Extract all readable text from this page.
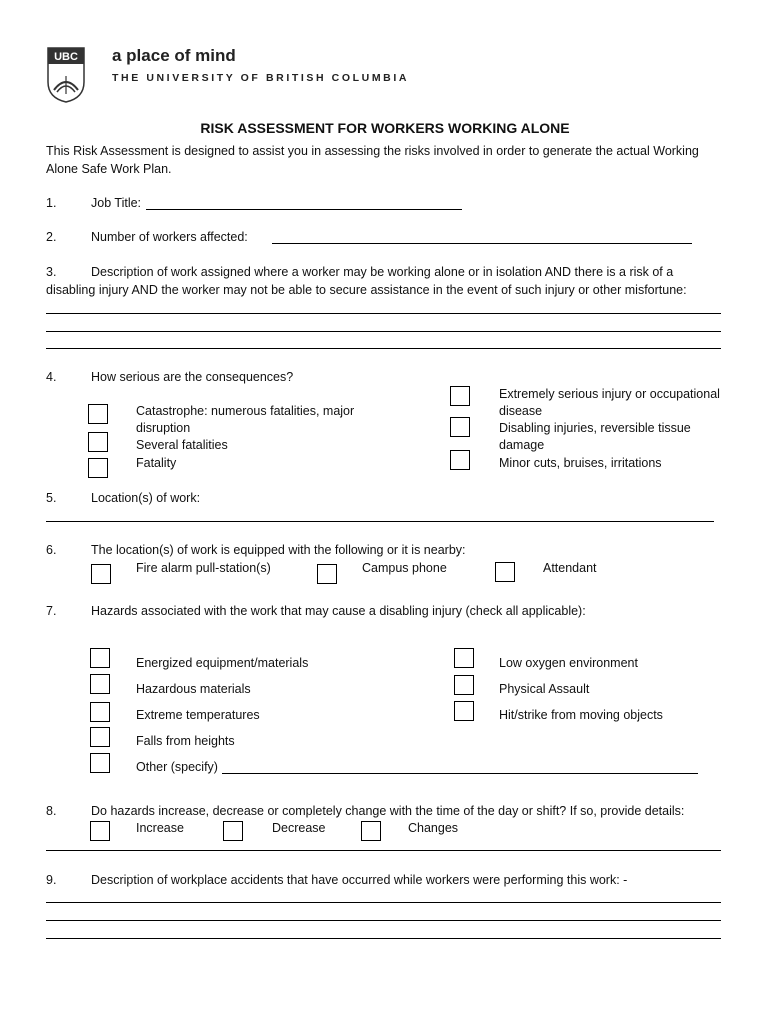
UBC a place of mind
THE UNIVERSITY OF BRITISH COLUMBIA
RISK ASSESSMENT FOR WORKERS WORKING ALONE
This Risk Assessment is designed to assist you in assessing the risks involved in order to generate the actual Working
Alone Safe Work Plan.
1.	Job Title:
2.	Number of workers affected:
3.	Description of work assigned where a worker may be working alone or in isolation AND there is a risk of a
disabling injury AND the worker may not be able to secure assistance in the event of such injury or other misfortune:
4.	How serious are the consequences?
Catastrophe: numerous fatalities, major
disruption
Several fatalities
Fatality
Extremely serious injury or occupational
disease
Disabling injuries, reversible tissue
damage
Minor cuts, bruises, irritations
5.	Location(s) of work:
6.	The location(s) of work is equipped with the following or it is nearby:
Fire alarm pull-station(s)	Campus phone	Attendant
7.	Hazards associated with the work that may cause a disabling injury (check all applicable):
Energized equipment/materials
Hazardous materials
Extreme temperatures
Falls from heights
Other (specify)
Low oxygen environment
Physical Assault
Hit/strike from moving objects
8.	Do hazards increase, decrease or completely change with the time of the day or shift? If so, provide details:
Increase	Decrease	Changes
9.	Description of workplace accidents that have occurred while workers were performing this work: -
